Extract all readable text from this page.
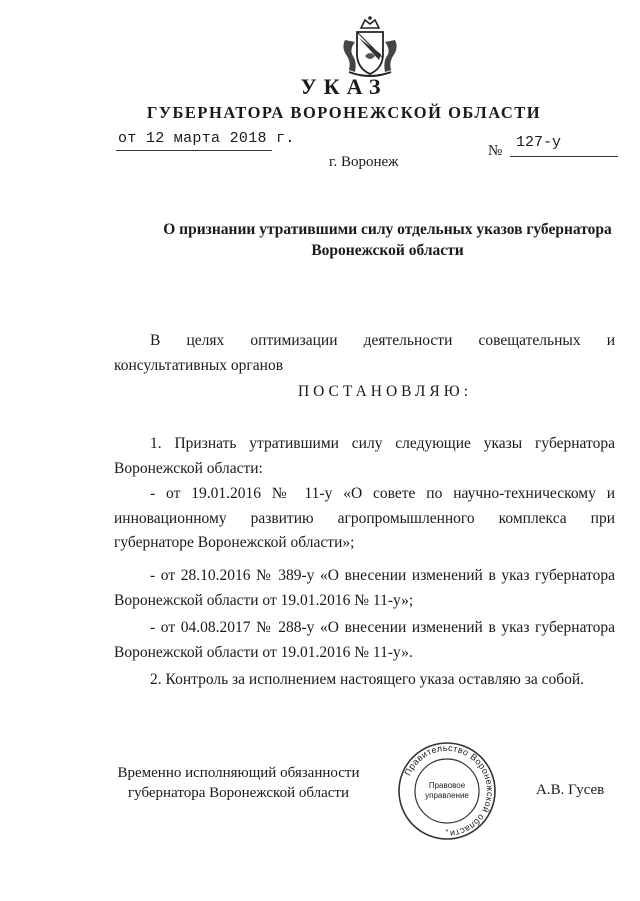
УКАЗ
ГУБЕРНАТОРА ВОРОНЕЖСКОЙ ОБЛАСТИ
от 12 марта 2018 г.
№ 127-у
г. Воронеж
О признании утратившими силу отдельных указов губернатора Воронежской области
В целях оптимизации деятельности совещательных и консультативных органов
ПОСТАНОВЛЯЮ:
1. Признать утратившими силу следующие указы губернатора Воронежской области:
- от 19.01.2016 № 11-у «О совете по научно-техническому и инновационному развитию агропромышленного комплекса при губернаторе Воронежской области»;
- от 28.10.2016 № 389-у «О внесении изменений в указ губернатора Воронежской области от 19.01.2016 № 11-у»;
- от 04.08.2017 № 288-у «О внесении изменений в указ губернатора Воронежской области от 19.01.2016 № 11-у».
2. Контроль за исполнением настоящего указа оставляю за собой.
Временно исполняющий обязанности
губернатора Воронежской области
Правительство Воронежской области
Правовое
управление
*
А.В. Гусев
